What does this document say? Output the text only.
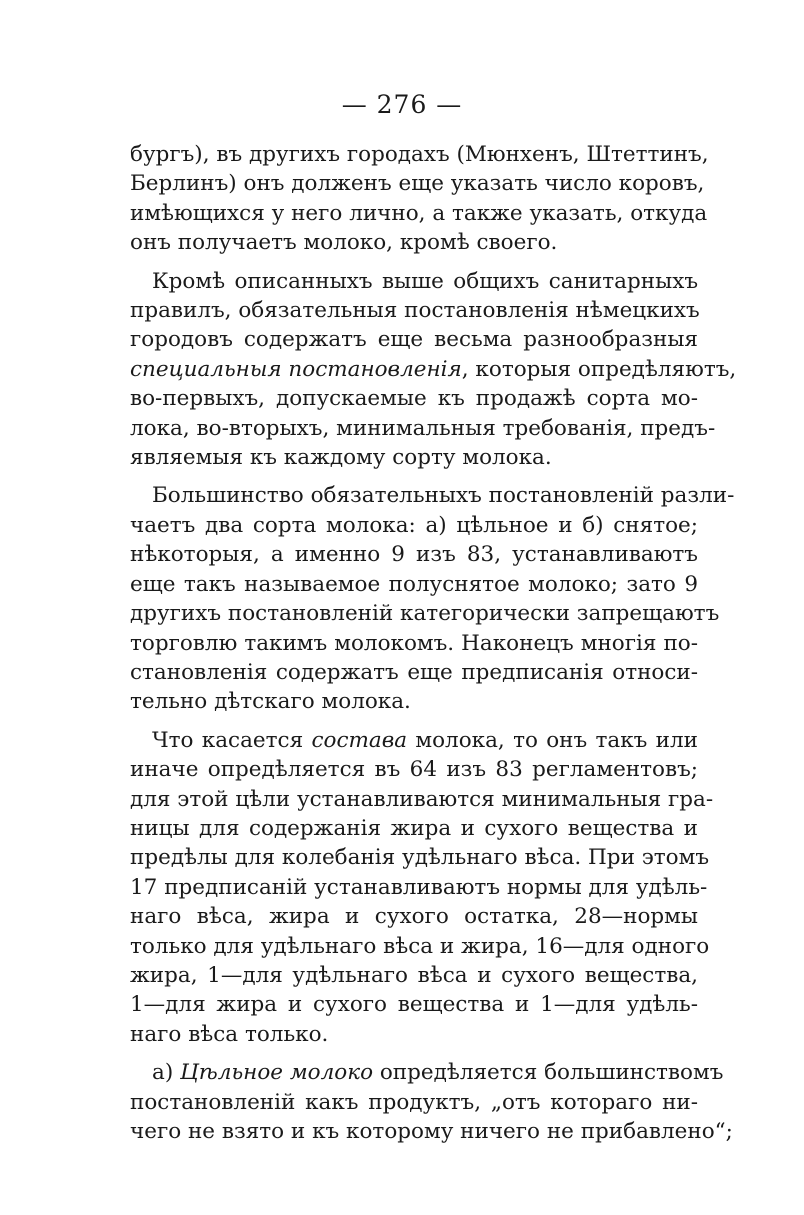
— 276 —

бургъ), въ другихъ городахъ (Мюнхенъ, Штеттинъ,
Берлинъ) онъ долженъ еще указать число коровъ,
имѣющихся у него лично, а также указать, откуда
онъ получаетъ молоко, кромѣ своего.

Кромѣ описанныхъ выше общихъ санитарныхъ
правилъ, обязательныя постановленія нѣмецкихъ
городовъ содержатъ еще весьма разнообразныя
специальныя постановленія, которыя опредѣляютъ,
во-первыхъ, допускаемые къ продажѣ сорта мо-
лока, во-вторыхъ, минимальныя требованія, предъ-
являемыя къ каждому сорту молока.

Большинство обязательныхъ постановленій разли-
чаетъ два сорта молока: а) цѣльное и б) снятое;
нѣкоторыя, а именно 9 изъ 83, устанавливаютъ
еще такъ называемое полуснятое молоко; зато 9
другихъ постановленій категорически запрещаютъ
торговлю такимъ молокомъ. Наконецъ многія по-
становленія содержатъ еще предписанія относи-
тельно дѣтскаго молока.

Что касается состава молока, то онъ такъ или
иначе опредѣляется въ 64 изъ 83 регламентовъ;
для этой цѣли устанавливаются минимальныя гра-
ницы для содержанія жира и сухого вещества и
предѣлы для колебанія удѣльнаго вѣса. При этомъ
17 предписаній устанавливаютъ нормы для удѣль-
наго вѣса, жира и сухого остатка, 28—нормы
только для удѣльнаго вѣса и жира, 16—для одного
жира, 1—для удѣльнаго вѣса и сухого вещества,
1—для жира и сухого вещества и 1—для удѣль-
наго вѣса только.

а) Цѣльное молоко опредѣляется большинствомъ
постановленій какъ продуктъ, „отъ котораго ни-
чего не взято и къ которому ничего не прибавлено“;
